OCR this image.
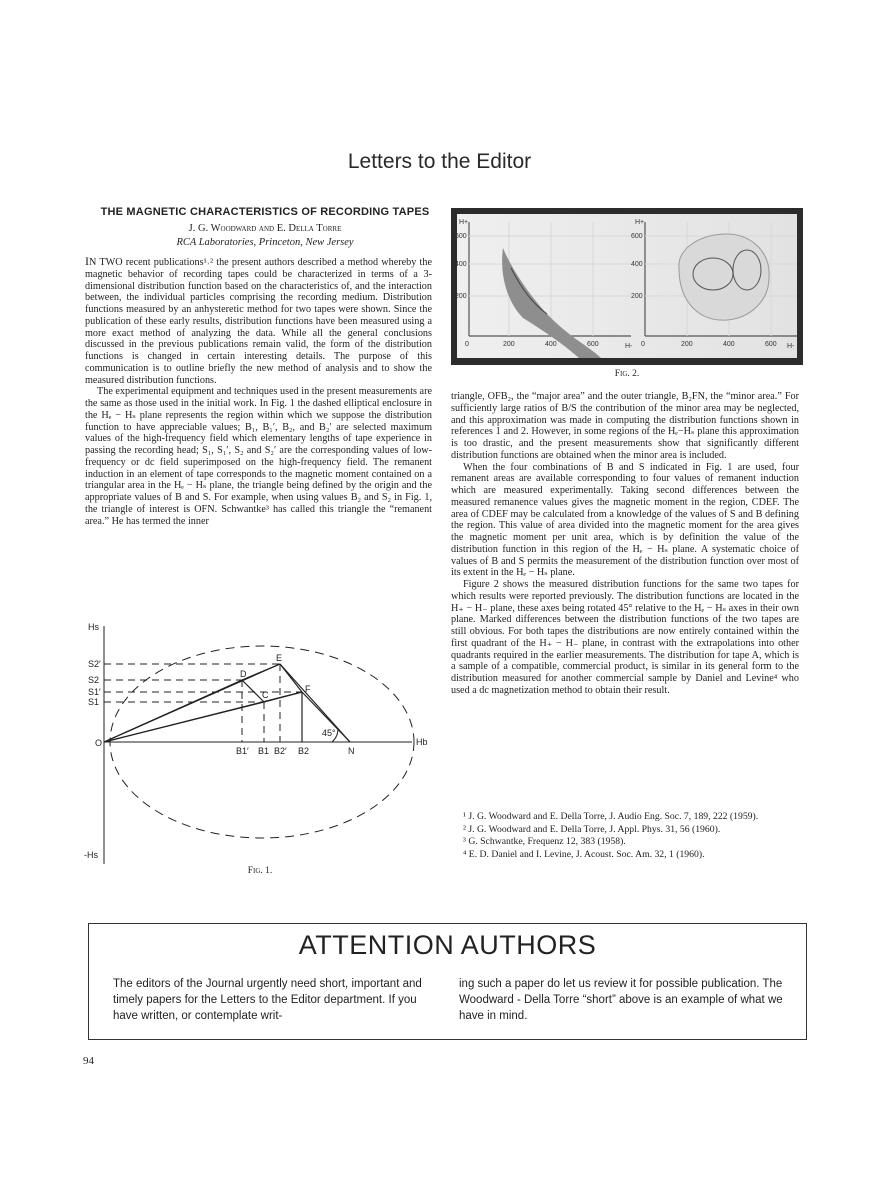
Letters to the Editor
THE MAGNETIC CHARACTERISTICS OF RECORDING TAPES
J. G. Woodward and E. Della Torre
RCA Laboratories, Princeton, New Jersey

IN TWO recent publications¹˒² the present authors described a method whereby the magnetic behavior of recording tapes could be characterized in terms of a 3-dimensional distribution function based on the characteristics of, and the interaction between, the individual particles comprising the recording medium. Distribution functions measured by an anhysteretic method for two tapes were shown. Since the publication of these early results, distribution functions have been measured using a more exact method of analyzing the data. While all the general conclusions discussed in the previous publications remain valid, the form of the distribution functions is changed in certain interesting details. The purpose of this communication is to outline briefly the new method of analysis and to show the measured distribution functions.

The experimental equipment and techniques used in the present measurements are the same as those used in the initial work. In Fig. 1 the dashed elliptical enclosure in the Hₑ − Hₛ plane represents the region within which we suppose the distribution function to have appreciable values; B₁, B₁′, B₂, and B₂′ are selected maximum values of the high-frequency field which elementary lengths of tape experience in passing the recording head; S₁, S₁′, S₂ and S₂′ are the corresponding values of low-frequency or dc field superimposed on the high-frequency field. The remanent induction in an element of tape corresponds to the magnetic moment contained on a triangular area in the Hₑ − Hₛ plane, the triangle being defined by the origin and the appropriate values of B and S. For example, when using values B₂ and S₂ in Fig. 1, the triangle of interest is OFN. Schwantke³ has called this triangle the “remanent area.” He has termed the inner

Hs
-Hs
Hb
O
S2′
S2
S1′
S1
B1′ B1 B2′ B2	N
C
D
E
F
45°
Fig. 1.
H+
H-
600
400
200
0	200	400	600
H+
H-
600
400
200
0	200	400	600
Fig. 2.

triangle, OFB₂, the “major area” and the outer triangle, B₂FN, the “minor area.” For sufficiently large ratios of B/S the contribution of the minor area may be neglected, and this approximation was made in computing the distribution functions shown in references 1 and 2. However, in some regions of the Hₑ−Hₛ plane this approximation is too drastic, and the present measurements show that significantly different distribution functions are obtained when the minor area is included.

When the four combinations of B and S indicated in Fig. 1 are used, four remanent areas are available corresponding to four values of remanent induction which are measured experimentally. Taking second differences between the measured remanence values gives the magnetic moment in the region, CDEF. The area of CDEF may be calculated from a knowledge of the values of S and B defining the region. This value of area divided into the magnetic moment for the area gives the magnetic moment per unit area, which is by definition the value of the distribution function in this region of the Hₑ − Hₛ plane. A systematic choice of values of B and S permits the measurement of the distribution function over most of its extent in the Hₑ − Hₛ plane.

Figure 2 shows the measured distribution functions for the same two tapes for which results were reported previously. The distribution functions are located in the H₊ − H₋ plane, these axes being rotated 45° relative to the Hₑ − Hₛ axes in their own plane. Marked differences between the distribution functions of the two tapes are still obvious. For both tapes the distributions are now entirely contained within the first quadrant of the H₊ − H₋ plane, in contrast with the extrapolations into other quadrants required in the earlier measurements. The distribution for tape A, which is a sample of a compatible, commercial product, is similar in its general form to the distribution measured for another commercial sample by Daniel and Levine⁴ who used a dc magnetization method to obtain their result.

¹ J. G. Woodward and E. Della Torre, J. Audio Eng. Soc. 7, 189, 222 (1959).
² J. G. Woodward and E. Della Torre, J. Appl. Phys. 31, 56 (1960).
³ G. Schwantke, Frequenz 12, 383 (1958).
⁴ E. D. Daniel and I. Levine, J. Acoust. Soc. Am. 32, 1 (1960).
ATTENTION AUTHORS
The editors of the Journal urgently need short, important and timely papers for the Letters to the Editor department. If you have written, or contemplate writ-
ing such a paper do let us review it for possible publication. The Woodward - Della Torre “short” above is an example of what we have in mind.
94
